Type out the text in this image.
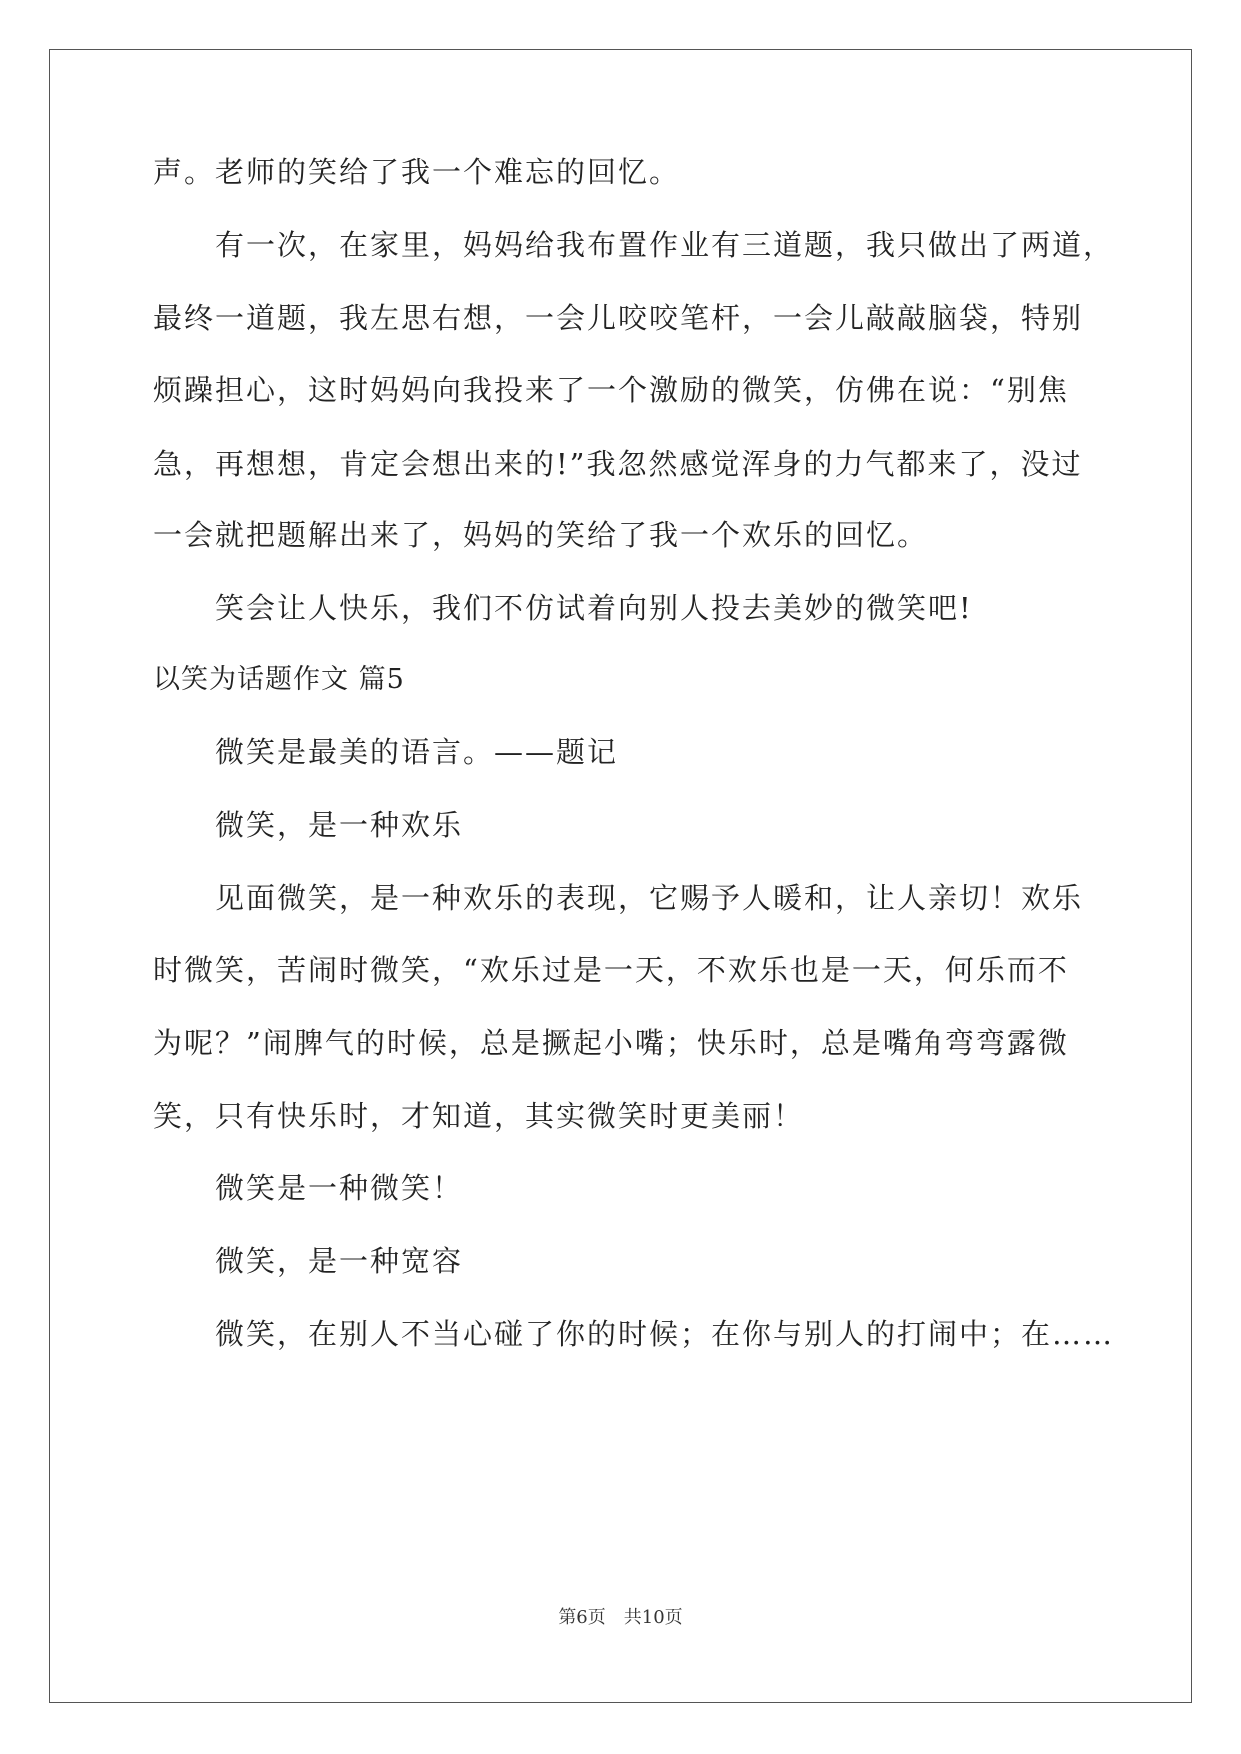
声。老师的笑给了我一个难忘的回忆。
有一次，在家里，妈妈给我布置作业有三道题，我只做出了两道，
最终一道题，我左思右想，一会儿咬咬笔杆，一会儿敲敲脑袋，特别
烦躁担心，这时妈妈向我投来了一个激励的微笑，仿佛在说：“别焦
急，再想想，肯定会想出来的!”我忽然感觉浑身的力气都来了，没过
一会就把题解出来了，妈妈的笑给了我一个欢乐的回忆。
笑会让人快乐，我们不仿试着向别人投去美妙的微笑吧!
以笑为话题作文 篇5
微笑是最美的语言。——题记
微笑，是一种欢乐
见面微笑，是一种欢乐的表现，它赐予人暖和，让人亲切！欢乐
时微笑，苦闹时微笑，“欢乐过是一天，不欢乐也是一天，何乐而不
为呢？”闹脾气的时候，总是撅起小嘴；快乐时，总是嘴角弯弯露微
笑，只有快乐时，才知道，其实微笑时更美丽！
微笑是一种微笑！
微笑，是一种宽容
微笑，在别人不当心碰了你的时候；在你与别人的打闹中；在……
第6页　共10页
